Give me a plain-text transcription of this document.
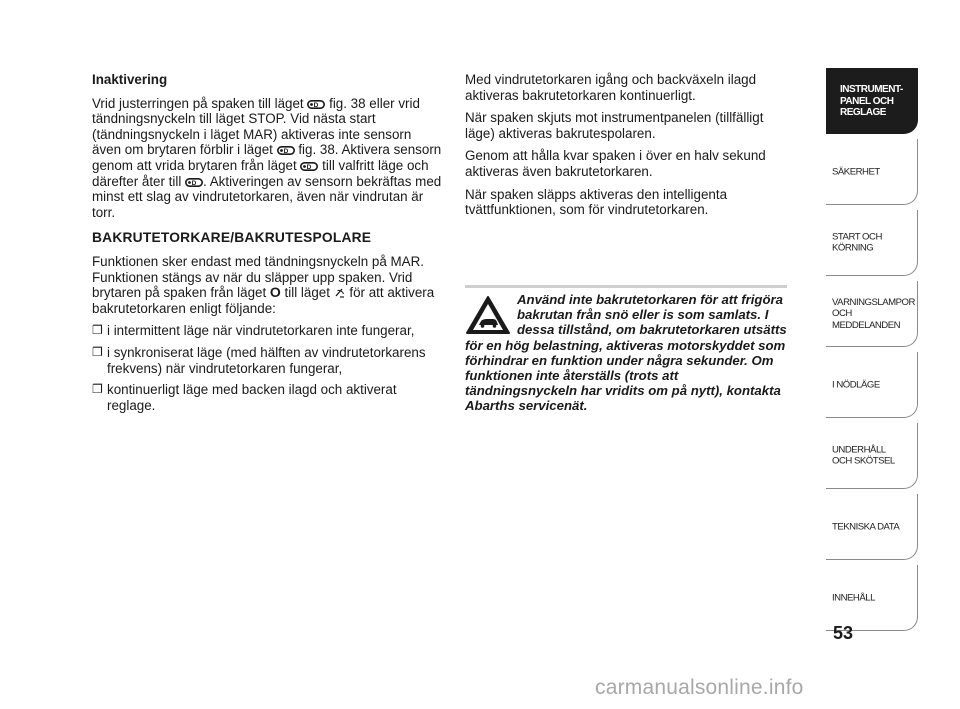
Inaktivering

Vrid justerringen på spaken till läget D fig. 38 eller vrid tändningsnyckeln till läget STOP. Vid nästa start (tändningsnyckeln i läget MAR) aktiveras inte sensorn även om brytaren förblir i läget D fig. 38. Aktivera sensorn genom att vrida brytaren från läget D till valfritt läge och därefter åter till D . Aktiveringen av sensorn bekräftas med minst ett slag av vindrutetorkaren, även när vindrutan är torr.

BAKRUTETORKARE/BAKRUTESPOLARE

Funktionen sker endast med tändningsnyckeln på MAR. Funktionen stängs av när du släpper upp spaken. Vrid brytaren på spaken från läget O till läget  för att aktivera bakrutetorkaren enligt följande:

❒ i intermittent läge när vindrutetorkaren inte fungerar,
❒ i synkroniserat läge (med hälften av vindrutetorkarens frekvens) när vindrutetorkaren fungerar,
❒ kontinuerligt läge med backen ilagd och aktiverat reglage.

Med vindrutetorkaren igång och backväxeln ilagd aktiveras bakrutetorkaren kontinuerligt.

När spaken skjuts mot instrumentpanelen (tillfälligt läge) aktiveras bakrutespolaren.

Genom att hålla kvar spaken i över en halv sekund aktiveras även bakrutetorkaren.

När spaken släpps aktiveras den intelligenta tvättfunktionen, som för vindrutetorkaren.

Använd inte bakrutetorkaren för att frigöra bakrutan från snö eller is som samlats. I dessa tillstånd, om bakrutetorkaren utsätts för en hög belastning, aktiveras motorskyddet som förhindrar en funktion under några sekunder. Om funktionen inte återställs (trots att tändningsnyckeln har vridits om på nytt), kontakta Abarths servicenät.
INSTRUMENT-
PANEL OCH
REGLAGE
SÄKERHET
START OCH
KÖRNING
VARNINGSLAMPOR
OCH
MEDDELANDEN
I NÖDLÄGE
UNDERHÅLL
OCH SKÖTSEL
TEKNISKA DATA
INNEHÅLL
53
carmanualsonline.info
